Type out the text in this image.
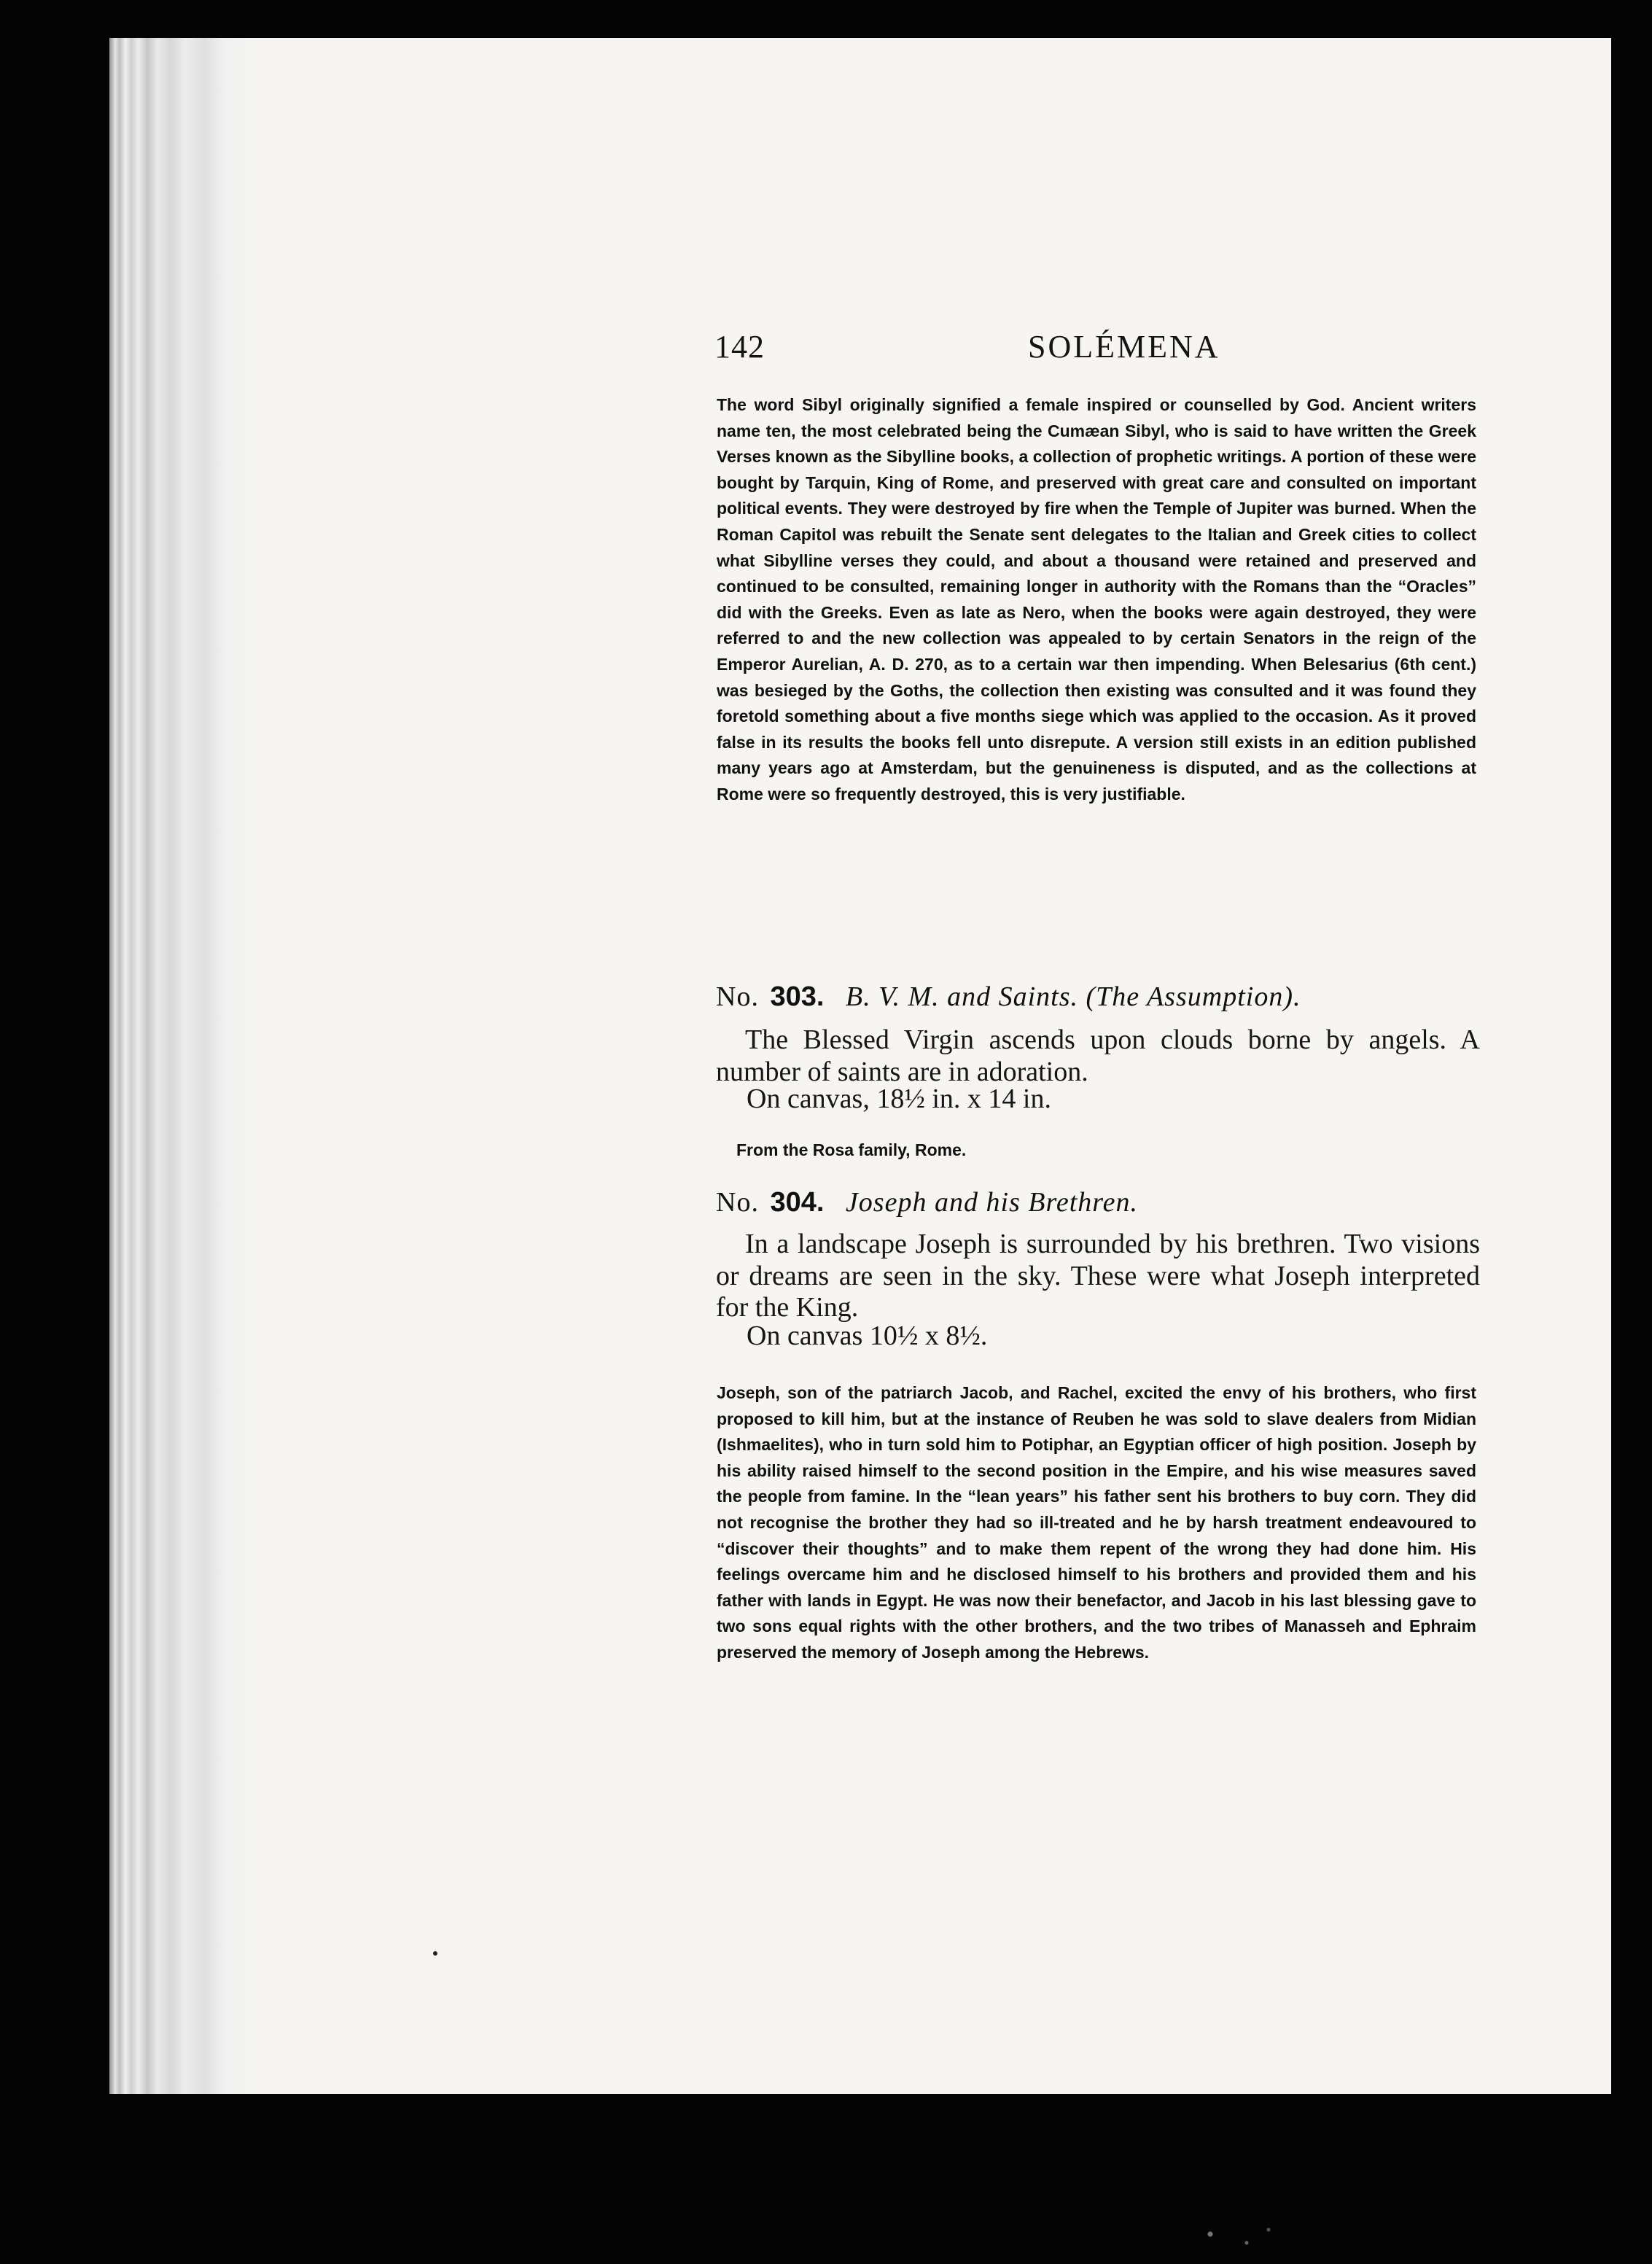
142	SOLÉMENA

The word Sibyl originally signified a female inspired or counselled by God. Ancient writers name ten, the most celebrated being the Cumæan Sibyl, who is said to have written the Greek Verses known as the Sibylline books, a collection of prophetic writings. A portion of these were bought by Tarquin, King of Rome, and preserved with great care and consulted on important political events. They were destroyed by fire when the Temple of Jupiter was burned. When the Roman Capitol was rebuilt the Senate sent delegates to the Italian and Greek cities to collect what Sibylline verses they could, and about a thousand were retained and preserved and continued to be consulted, remaining longer in authority with the Romans than the “Oracles” did with the Greeks. Even as late as Nero, when the books were again destroyed, they were referred to and the new collection was appealed to by certain Senators in the reign of the Emperor Aurelian, A. D. 270, as to a certain war then impending. When Belesarius (6th cent.) was besieged by the Goths, the collection then existing was consulted and it was found they foretold something about a five months siege which was applied to the occasion. As it proved false in its results the books fell unto disrepute. A version still exists in an edition published many years ago at Amsterdam, but the genuineness is disputed, and as the collections at Rome were so frequently destroyed, this is very justifiable.

No. 303. B. V. M. and Saints. (The Assumption).

The Blessed Virgin ascends upon clouds borne by angels. A number of saints are in adoration.

On canvas, 18½ in. x 14 in.
From the Rosa family, Rome.
No. 304. Joseph and his Brethren.

In a landscape Joseph is surrounded by his brethren. Two visions or dreams are seen in the sky. These were what Joseph interpreted for the King.

On canvas 10½ x 8½.

Joseph, son of the patriarch Jacob, and Rachel, excited the envy of his brothers, who first proposed to kill him, but at the instance of Reuben he was sold to slave dealers from Midian (Ishmaelites), who in turn sold him to Potiphar, an Egyptian officer of high position. Joseph by his ability raised himself to the second position in the Empire, and his wise measures saved the people from famine. In the “lean years” his father sent his brothers to buy corn. They did not recognise the brother they had so ill-treated and he by harsh treatment endeavoured to “discover their thoughts” and to make them repent of the wrong they had done him. His feelings overcame him and he disclosed himself to his brothers and provided them and his father with lands in Egypt. He was now their benefactor, and Jacob in his last blessing gave to two sons equal rights with the other brothers, and the two tribes of Manasseh and Ephraim preserved the memory of Joseph among the Hebrews.
